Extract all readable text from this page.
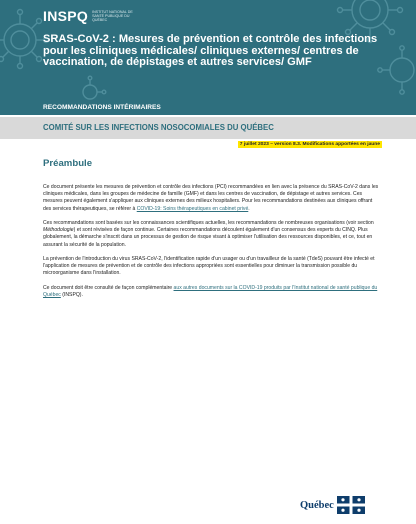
INSPQ INSTITUT NATIONAL DE SANTÉ PUBLIQUE DU QUÉBEC
SRAS-CoV-2 : Mesures de prévention et contrôle des infections pour les cliniques médicales/ cliniques externes/ centres de vaccination, de dépistages et autres services/ GMF
RECOMMANDATIONS INTÉRIMAIRES
COMITÉ SUR LES INFECTIONS NOSOCOMIALES DU QUÉBEC
7 juillet 2023 – version 8.3. Modifications apportées en jaune
Préambule

Ce document présente les mesures de prévention et contrôle des infections (PCI) recommandées en lien avec la présence du SRAS-CoV-2 dans les cliniques médicales, dans les groupes de médecine de famille (GMF) et dans les centres de vaccination, de dépistage et autres services. Ces mesures peuvent également s'appliquer aux cliniques externes des milieux hospitaliers. Pour les recommandations destinées aux cliniques offrant des services thérapeutiques, se référer à COVID-19: Soins thérapeutiques en cabinet privé.

Ces recommandations sont basées sur les connaissances scientifiques actuelles, les recommandations de nombreuses organisations (voir section Méthodologie) et sont révisées de façon continue. Certaines recommandations découlent également d'un consensus des experts du CINQ. Plus globalement, la démarche s'inscrit dans un processus de gestion de risque visant à optimiser l'utilisation des ressources disponibles, et ce, tout en assurant la sécurité de la population.

La prévention de l'introduction du virus SRAS-CoV-2, l'identification rapide d'un usager ou d'un travailleur de la santé (TdeS) pouvant être infecté et l'application de mesures de prévention et de contrôle des infections appropriées sont essentielles pour diminuer la transmission possible du microorganisme dans l'installation.

Ce document doit être consulté de façon complémentaire aux autres documents sur la COVID-19 produits par l'Institut national de santé publique du Québec (INSPQ).

Québec
